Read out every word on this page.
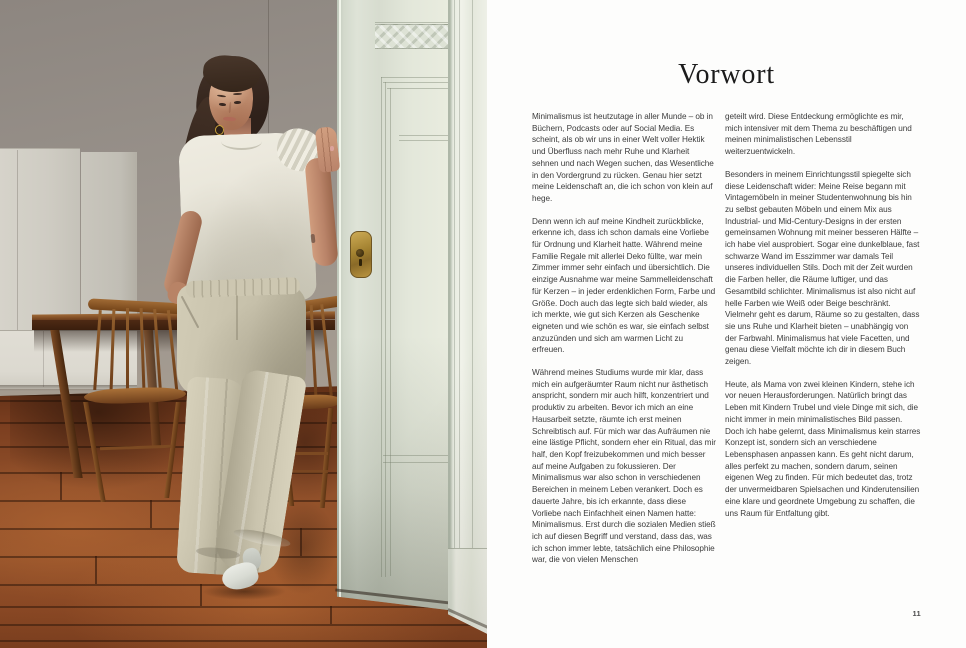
Vorwort

Minimalismus ist heutzutage in aller Munde – ob in Büchern, Podcasts oder auf Social Media. Es scheint, als ob wir uns in einer Welt voller Hektik und Überfluss nach mehr Ruhe und Klarheit sehnen und nach Wegen suchen, das Wesentliche in den Vordergrund zu rücken. Genau hier setzt meine Leidenschaft an, die ich schon von klein auf hege.

Denn wenn ich auf meine Kindheit zurückblicke, erkenne ich, dass ich schon damals eine Vorliebe für Ordnung und Klarheit hatte. Während meine Familie Regale mit allerlei Deko füllte, war mein Zimmer immer sehr einfach und übersichtlich. Die einzige Ausnahme war meine Sammelleidenschaft für Kerzen – in jeder erdenklichen Form, Farbe und Größe. Doch auch das legte sich bald wieder, als ich merkte, wie gut sich Kerzen als Geschenke eigneten und wie schön es war, sie einfach selbst anzuzünden und sich am warmen Licht zu erfreuen.

Während meines Studiums wurde mir klar, dass mich ein aufgeräumter Raum nicht nur ästhetisch anspricht, sondern mir auch hilft, konzentriert und produktiv zu arbeiten. Bevor ich mich an eine Hausarbeit setzte, räumte ich erst meinen Schreibtisch auf. Für mich war das Aufräumen nie eine lästige Pflicht, sondern eher ein Ritual, das mir half, den Kopf freizubekommen und mich besser auf meine Aufgaben zu fokussieren. Der Minimalismus war also schon in verschiedenen Bereichen in meinem Leben verankert. Doch es dauerte Jahre, bis ich erkannte, dass diese Vorliebe nach Einfachheit einen Namen hatte: Minimalismus. Erst durch die sozialen Medien stieß ich auf diesen Begriff und verstand, dass das, was ich schon immer lebte, tatsächlich eine Philosophie war, die von vielen Menschen

geteilt wird. Diese Entdeckung ermöglichte es mir, mich intensiver mit dem Thema zu beschäftigen und meinen minimalistischen Lebensstil weiterzuentwickeln.

Besonders in meinem Einrichtungsstil spiegelte sich diese Leidenschaft wider: Meine Reise begann mit Vintagemöbeln in meiner Studentenwohnung bis hin zu selbst gebauten Möbeln und einem Mix aus Industrial- und Mid-Century-Designs in der ersten gemeinsamen Wohnung mit meiner besseren Hälfte – ich habe viel ausprobiert. Sogar eine dunkelblaue, fast schwarze Wand im Esszimmer war damals Teil unseres individuellen Stils. Doch mit der Zeit wurden die Farben heller, die Räume luftiger, und das Gesamtbild schlichter. Minimalismus ist also nicht auf helle Farben wie Weiß oder Beige beschränkt. Vielmehr geht es darum, Räume so zu gestalten, dass sie uns Ruhe und Klarheit bieten – unabhängig von der Farbwahl. Minimalismus hat viele Facetten, und genau diese Vielfalt möchte ich dir in diesem Buch zeigen.

Heute, als Mama von zwei kleinen Kindern, stehe ich vor neuen Herausforderungen. Natürlich bringt das Leben mit Kindern Trubel und viele Dinge mit sich, die nicht immer in mein minimalistisches Bild passen. Doch ich habe gelernt, dass Minimalismus kein starres Konzept ist, sondern sich an verschiedene Lebensphasen anpassen kann. Es geht nicht darum, alles perfekt zu machen, sondern darum, seinen eigenen Weg zu finden. Für mich bedeutet das, trotz der unvermeidbaren Spielsachen und Kinderutensilien eine klare und geordnete Umgebung zu schaffen, die uns Raum für Entfaltung gibt.

11
